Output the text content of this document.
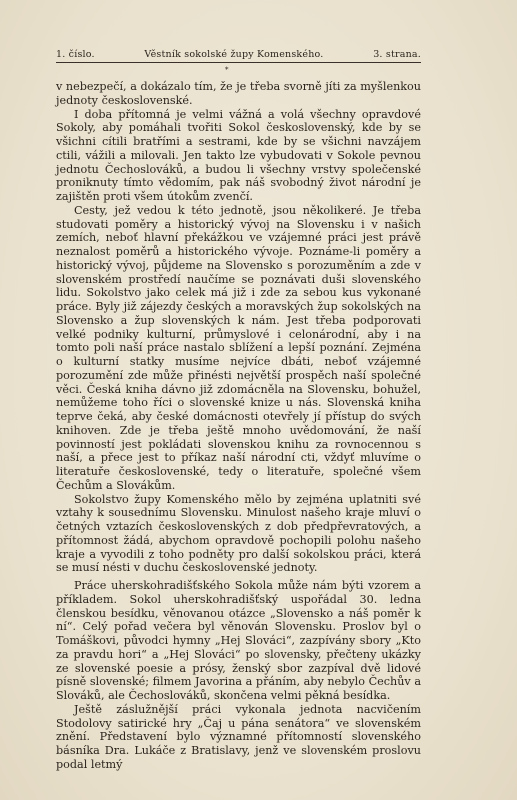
1. číslo.	Věstník sokolské župy Komenského.	3. strana.
*

v nebezpečí, a dokázalo tím, že je třeba svorně jíti za myšlenkou jednoty československé.

I doba přítomná je velmi vážná a volá všechny opravdové Sokoly, aby pomáhali tvořiti Sokol československý, kde by se všichni cítili bratřími a sestrami, kde by se všichni navzájem ctili, vážili a milovali. Jen takto lze vybudovati v Sokole pevnou jednotu Čechoslováků, a budou li všechny vrstvy společenské proniknuty tímto vědomím, pak náš svobodný život národní je zajištěn proti všem útokům zvenčí.

Cesty, jež vedou k této jednotě, jsou několikeré. Je třeba studovati poměry a historický vývoj na Slovensku i v našich zemích, neboť hlavní překážkou ve vzájemné práci jest právě neznalost poměrů a historického vývoje. Poznáme-li poměry a historický vývoj, půjdeme na Slovensko s porozuměním a zde v slovenském prostředí naučíme se poznávati duši slovenského lidu. Sokolstvo jako celek má již i zde za sebou kus vykonané práce. Byly již zájezdy českých a moravských žup sokolských na Slovensko a žup slovenských k nám. Jest třeba podporovati velké podniky kulturní, průmyslové i celonárodní, aby i na tomto poli naší práce nastalo sblížení a lepší poznání. Zejména o kulturní statky musíme nejvíce dbáti, neboť vzájemné porozumění zde může přinésti největší prospěch naší společné věci. Česká kniha dávno již zdomácněla na Slovensku, bohužel, nemůžeme toho říci o slovenské knize u nás. Slovenská kniha teprve čeká, aby české domácnosti otevřely jí přístup do svých knihoven. Zde je třeba ještě mnoho uvědomování, že naší povinností jest pokládati slovenskou knihu za rovnocennou s naší, a přece jest to příkaz naší národní cti, vždyť mluvíme o literatuře československé, tedy o literatuře, společné všem Čechům a Slovákům.

Sokolstvo župy Komenského mělo by zejména uplatniti své vztahy k sousednímu Slovensku. Minulost našeho kraje mluví o četných vztazích československých z dob předpřevratových, a přítomnost žádá, abychom opravdově pochopili polohu našeho kraje a vyvodili z toho podněty pro další sokolskou práci, která se musí nésti v duchu československé jednoty.

Práce uherskohradišťského Sokola může nám býti vzorem a příkladem. Sokol uherskohradišťský uspořádal 30. ledna členskou besídku, věnovanou otázce „Slovensko a náš poměr k ní“. Celý pořad večera byl věnován Slovensku. Proslov byl o Tomáškovi, původci hymny „Hej Slováci“, zazpívány sbory „Kto za pravdu hori“ a „Hej Slováci“ po slovensky, přečteny ukázky ze slovenské poesie a prósy, ženský sbor zazpíval dvě lidové písně slovenské; filmem Javorina a přáním, aby nebylo Čechův a Slováků, ale Čechoslováků, skončena velmi pěkná besídka.

Ještě záslužnější práci vykonala jednota nacvičením Stodolovy satirické hry „Čaj u pána senátora“ ve slovenském znění. Představení bylo významné přítomností slovenského básníka Dra. Lukáče z Bratislavy, jenž ve slovenském proslovu podal letmý
